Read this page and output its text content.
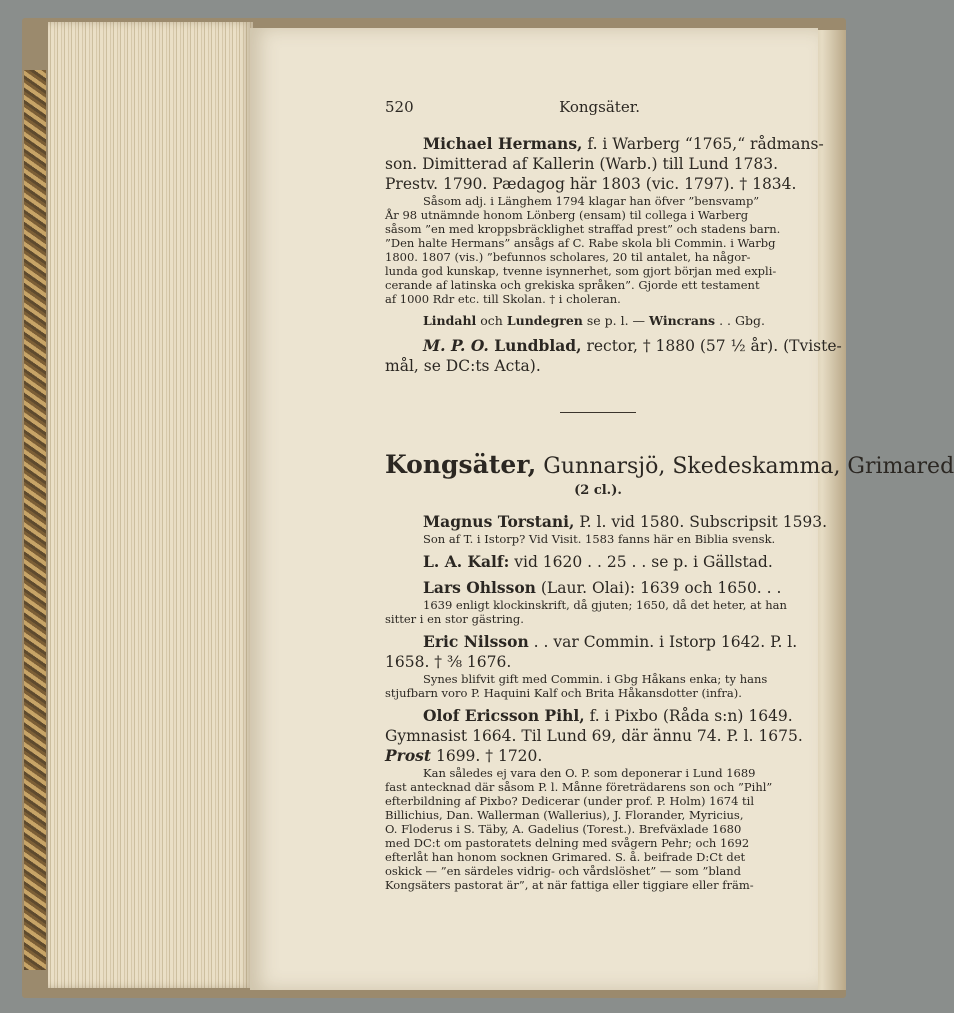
520	Kongsäter.
Michael Hermans, f. i Warberg “1765,“ rådmans-
son. Dimitterad af Kallerin (Warb.) till Lund 1783.
Prestv. 1790. Pædagog här 1803 (vic. 1797). † 1834.
Såsom adj. i Länghem 1794 klagar han öfver ”bensvamp”
År 98 utnämnde honom Lönberg (ensam) til collega i Warberg
såsom ”en med kroppsbräcklighet straffad prest” och stadens barn.
”Den halte Hermans” ansågs af C. Rabe skola bli Commin. i Warbg
1800. 1807 (vis.) ”befunnos scholares, 20 til antalet, ha någor-
lunda god kunskap, tvenne isynnerhet, som gjort början med expli-
cerande af latinska och grekiska språken”. Gjorde ett testament
af 1000 Rdr etc. till Skolan. † i choleran.
Lindahl och Lundegren se p. l. — Wincrans . . Gbg.
M. P. O. Lundblad, rector, † 1880 (57 ½ år). (Tviste-
mål, se DC:ts Acta).
Kongsäter, Gunnarsjö, Skedeskamma, Grimared
(2 cl.).
Magnus Torstani, P. l. vid 1580. Subscripsit 1593.
Son af T. i Istorp? Vid Visit. 1583 fanns här en Biblia svensk.
L. A. Kalf: vid 1620 . . 25 . . se p. i Gällstad.
Lars Ohlsson (Laur. Olai): 1639 och 1650. . .
1639 enligt klockinskrift, då gjuten; 1650, då det heter, at han
sitter i en stor gästring.
Eric Nilsson . . var Commin. i Istorp 1642. P. l.
1658. † ⅜ 1676.
Synes blifvit gift med Commin. i Gbg Håkans enka; ty hans
stjufbarn voro P. Haquini Kalf och Brita Håkansdotter (infra).
Olof Ericsson Pihl, f. i Pixbo (Råda s:n) 1649.
Gymnasist 1664. Til Lund 69, där ännu 74. P. l. 1675.
Prost 1699. † 1720.
Kan således ej vara den O. P. som deponerar i Lund 1689
fast antecknad där såsom P. l. Månne företrädarens son och ”Pihl”
efterbildning af Pixbo? Dedicerar (under prof. P. Holm) 1674 til
Billichius, Dan. Wallerman (Wallerius), J. Florander, Myricius,
O. Floderus i S. Täby, A. Gadelius (Torest.). Brefväxlade 1680
med DC:t om pastoratets delning med svågern Pehr; och 1692
efterlåt han honom socknen Grimared. S. å. beifrade D:Ct det
oskick — ”en särdeles vidrig- och vårdslöshet” — som ”bland
Kongsäters pastorat är”, at när fattiga eller tiggiare eller främ-
